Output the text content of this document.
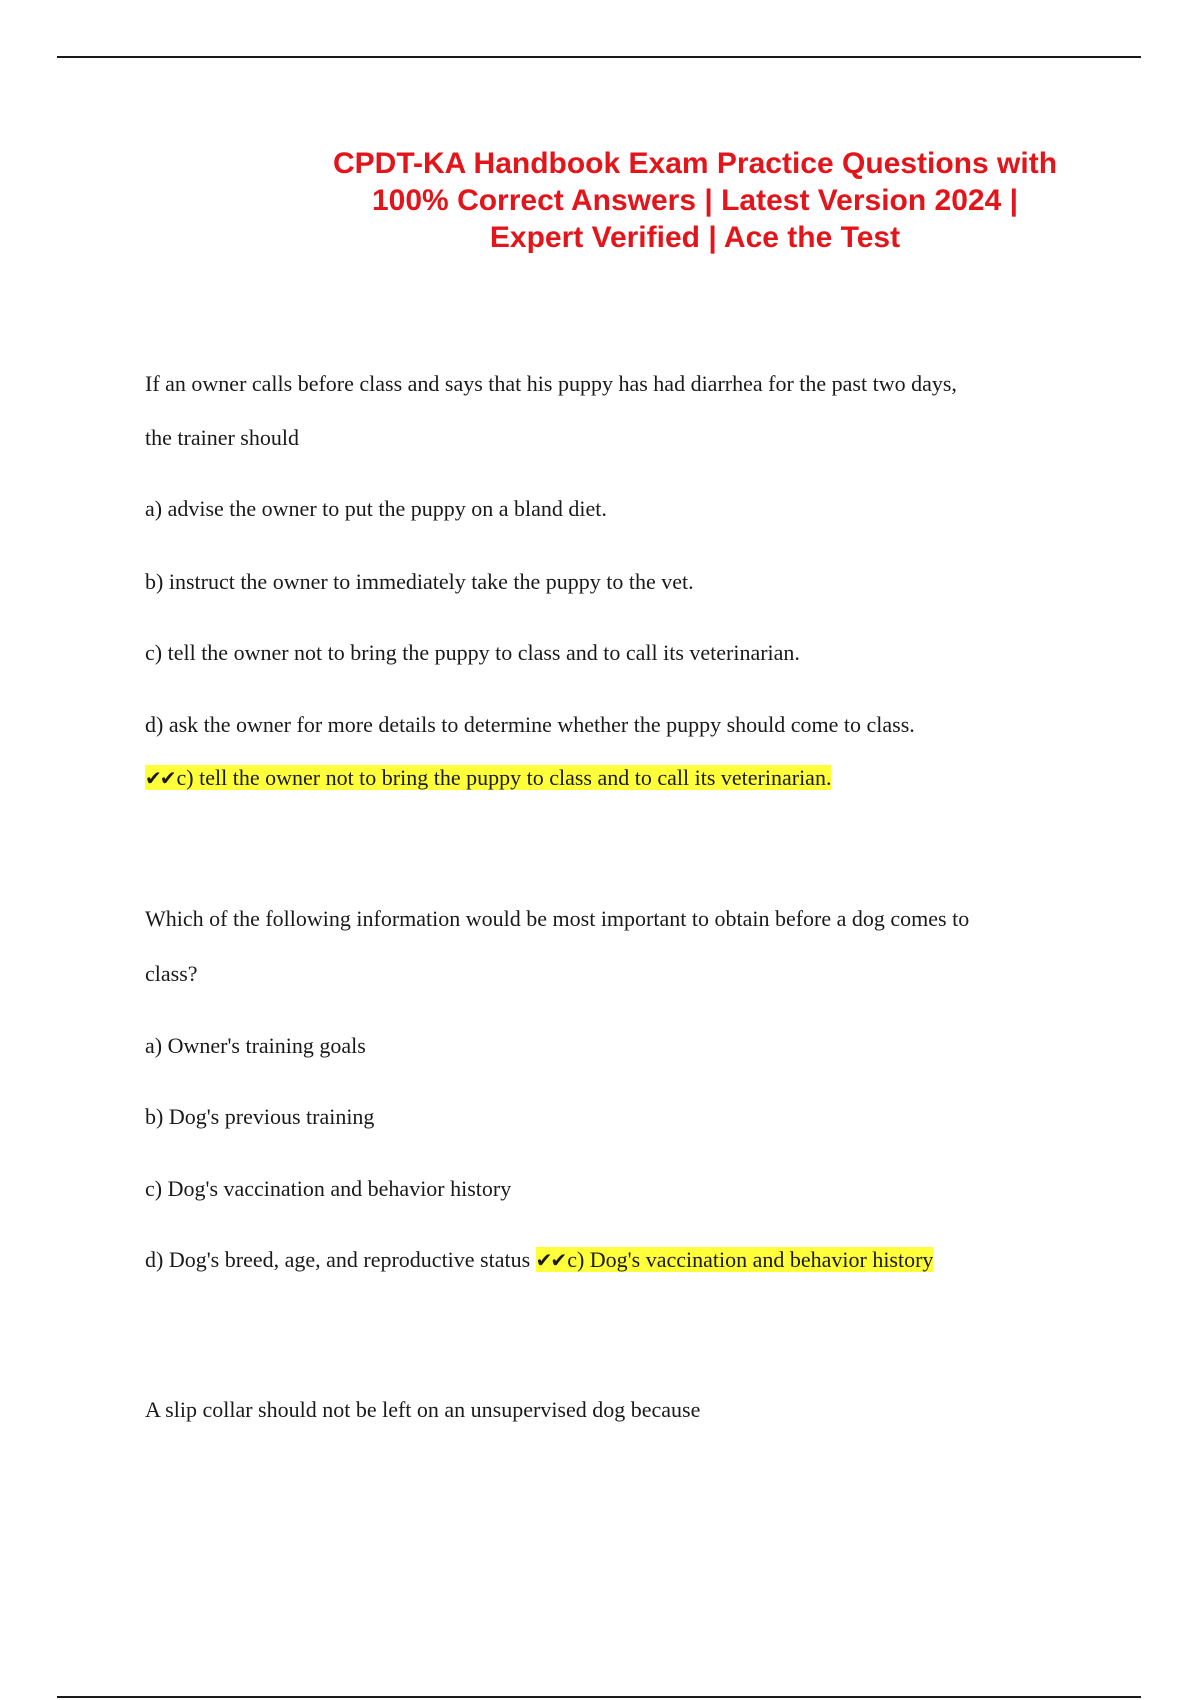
CPDT-KA Handbook Exam Practice Questions with
100% Correct Answers | Latest Version 2024 |
Expert Verified | Ace the Test
If an owner calls before class and says that his puppy has had diarrhea for the past two days,
the trainer should
a) advise the owner to put the puppy on a bland diet.
b) instruct the owner to immediately take the puppy to the vet.
c) tell the owner not to bring the puppy to class and to call its veterinarian.
d) ask the owner for more details to determine whether the puppy should come to class.
✔✔c) tell the owner not to bring the puppy to class and to call its veterinarian.
Which of the following information would be most important to obtain before a dog comes to
class?
a) Owner's training goals
b) Dog's previous training
c) Dog's vaccination and behavior history
d) Dog's breed, age, and reproductive status ✔✔c) Dog's vaccination and behavior history
A slip collar should not be left on an unsupervised dog because
